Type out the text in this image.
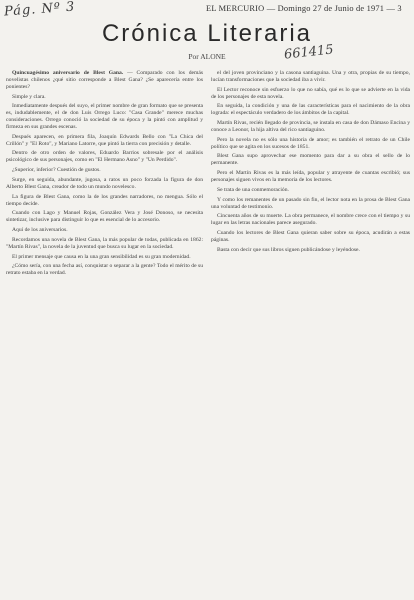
Pág. Nº 3	EL MERCURIO — Domingo 27 de Junio de 1971 — 3
Crónica Literaria
Por ALONE	661415

Quincuagésimo aniversario de Blest Gana. — Comparado con los demás novelistas chilenos ¿qué sitio corresponde a Blest Gana? ¿Se aparecería entre los ponientes?

Simple y clara.

Inmediatamente después del suyo, el primer nombre de gran formato que se presenta es, indudablemente, el de don Luis Orrego Luco: "Casa Grande" merece muchas consideraciones. Orrego conoció la sociedad de su época y la pintó con amplitud y firmeza en sus grandes escenas.

Después aparecen, en primera fila, Joaquín Edwards Bello con "La Chica del Crillón" y "El Roto", y Mariano Latorre, que pintó la tierra con precisión y detalle.

Dentro de otro orden de valores, Eduardo Barrios sobresale por el análisis psicológico de sus personajes, como en "El Hermano Asno" y "Un Perdido".

¿Superior, inferior? Cuestión de gustos.

Surge, en seguida, abundante, jugosa, a ratos un poco forzada la figura de don Alberto Blest Gana, creador de todo un mundo novelesco.

La figura de Blest Gana, como la de los grandes narradores, no mengua. Sólo el tiempo decide.

Cuando con Lago y Manuel Rojas, González Vera y José Donoso, se necesita sintetizar, inclusive para distinguir lo que es esencial de lo accesorio.

Aquí de los aniversarios.

Recordamos una novela de Blest Gana, la más popular de todas, publicada en 1862: "Martín Rivas", la novela de la juventud que busca su lugar en la sociedad.

El primer mensaje que causa en la una gran sensibilidad es su gran modernidad.

¿Cómo sería, con una fecha así, conquistar o separar a la gente? Todo el mérito de su retrato estaba en la verdad.

el del joven provinciano y la casona santiaguina. Una y otra, propias de su tiempo, lucían transformaciones que la sociedad iba a vivir.

El Lector reconoce sin esfuerzo lo que no sabía, qué es lo que se advierte en la vida de los personajes de esta novela.

En seguida, la condición y una de las características para el nacimiento de la obra lograda: el espectáculo verdadero de los ámbitos de la capital.

Martín Rivas, recién llegado de provincia, se instala en casa de don Dámaso Encina y conoce a Leonor, la hija altiva del rico santiaguino.

Pero la novela no es sólo una historia de amor; es también el retrato de un Chile político que se agita en los sucesos de 1851.

Blest Gana supo aprovechar ese momento para dar a su obra el sello de lo permanente.

Pero el Martín Rivas es la más leída, popular y atrayente de cuantas escribió; sus personajes siguen vivos en la memoria de los lectores.

Se trata de una conmemoración.

Y como los remanentes de un pasado sin fin, el lector nota en la prosa de Blest Gana una voluntad de testimonio.

Cincuenta años de su muerte. La obra permanece, el nombre crece con el tiempo y su lugar en las letras nacionales parece asegurado.

Cuando los lectores de Blest Gana quieran saber sobre su época, acudirán a estas páginas.

Basta con decir que sus libros siguen publicándose y leyéndose.
